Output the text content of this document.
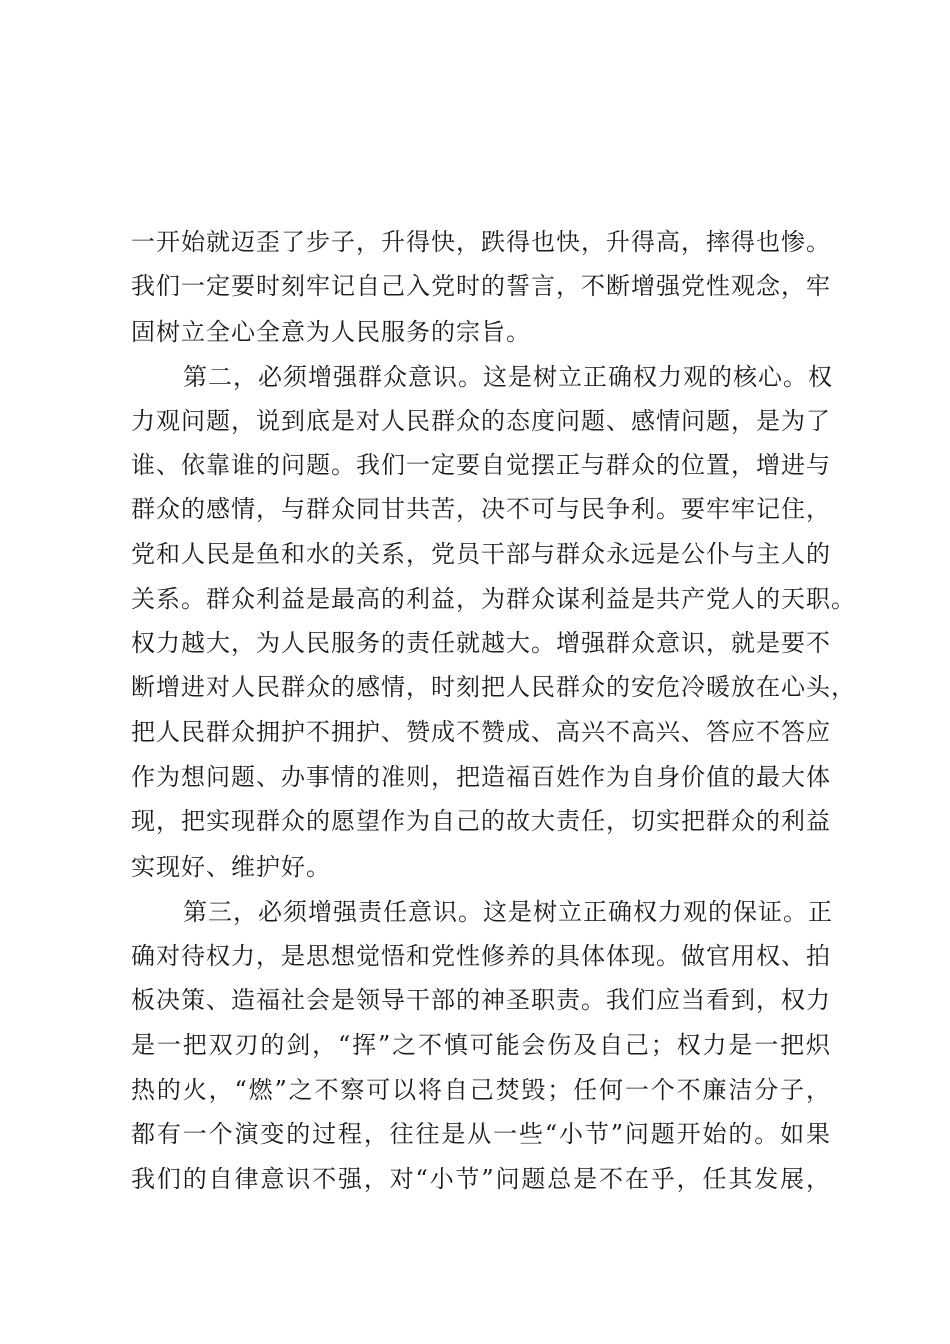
一开始就迈歪了步子，升得快，跌得也快，升得高，摔得也惨。
我们一定要时刻牢记自己入党时的誓言，不断增强党性观念，牢
固树立全心全意为人民服务的宗旨。
第二，必须增强群众意识。这是树立正确权力观的核心。权
力观问题，说到底是对人民群众的态度问题、感情问题，是为了
谁、依靠谁的问题。我们一定要自觉摆正与群众的位置，增进与
群众的感情，与群众同甘共苦，决不可与民争利。要牢牢记住，
党和人民是鱼和水的关系，党员干部与群众永远是公仆与主人的
关系。群众利益是最高的利益，为群众谋利益是共产党人的天职。
权力越大，为人民服务的责任就越大。增强群众意识，就是要不
断增进对人民群众的感情，时刻把人民群众的安危冷暖放在心头，
把人民群众拥护不拥护、赞成不赞成、高兴不高兴、答应不答应
作为想问题、办事情的准则，把造福百姓作为自身价值的最大体
现，把实现群众的愿望作为自己的故大责任，切实把群众的利益
实现好、维护好。
第三，必须增强责任意识。这是树立正确权力观的保证。正
确对待权力，是思想觉悟和党性修养的具体体现。做官用权、拍
板决策、造福社会是领导干部的神圣职责。我们应当看到，权力
是一把双刃的剑，“挥”之不慎可能会伤及自己；权力是一把炽
热的火，“燃”之不察可以将自己焚毁；任何一个不廉洁分子，
都有一个演变的过程，往往是从一些“小节”问题开始的。如果
我们的自律意识不强，对“小节”问题总是不在乎，任其发展，
